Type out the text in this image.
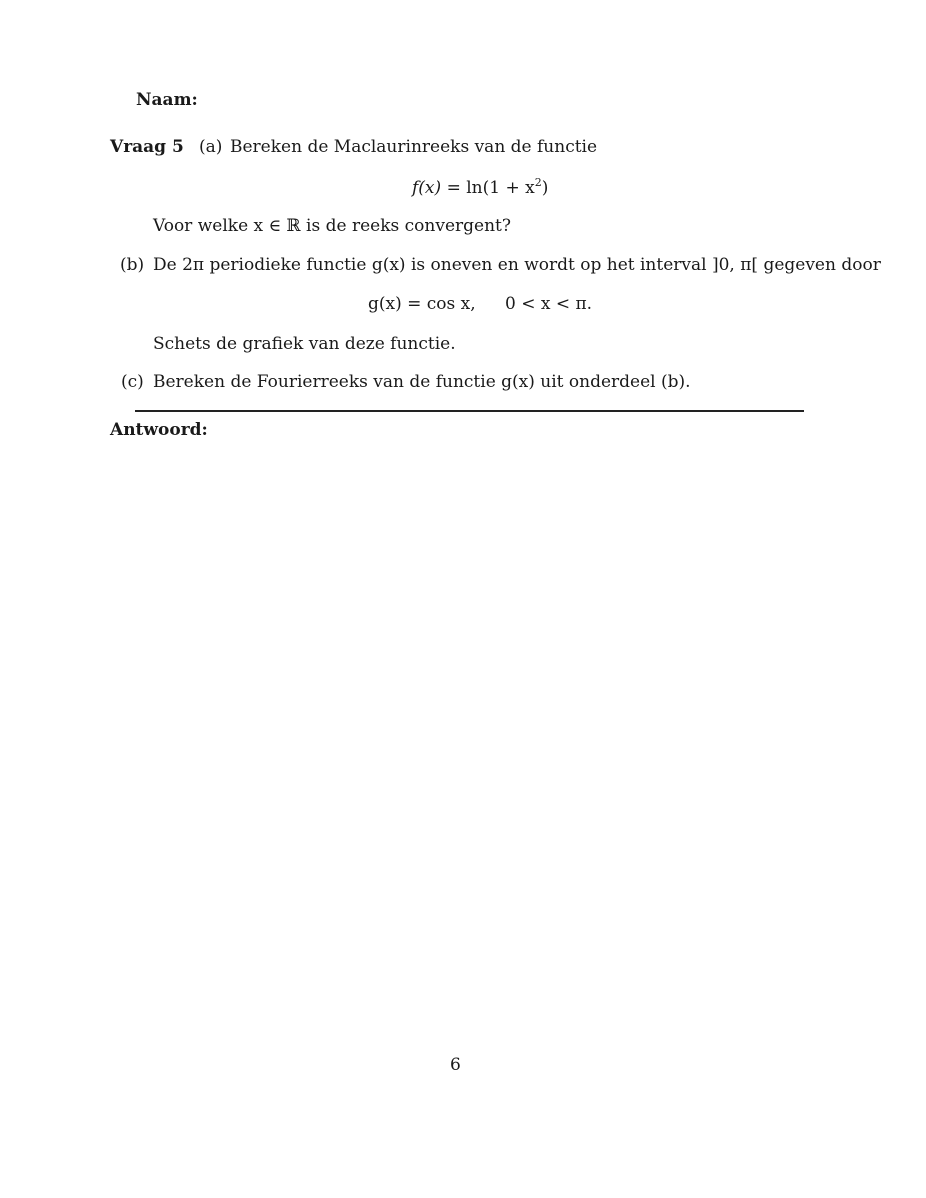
Naam:
Vraag 5 (a) Bereken de Maclaurinreeks van de functie
$f(x) = \ln(1 + x^2)$
Voor welke x ∈ ℝ is de reeks convergent?
(b) De 2π periodieke functie g(x) is oneven en wordt op het interval ]0, π[ gegeven door
g(x) = cos x, 0 < x < π.
Schets de grafiek van deze functie.
(c) Bereken de Fourierreeks van de functie g(x) uit onderdeel (b).
Antwoord:
6
